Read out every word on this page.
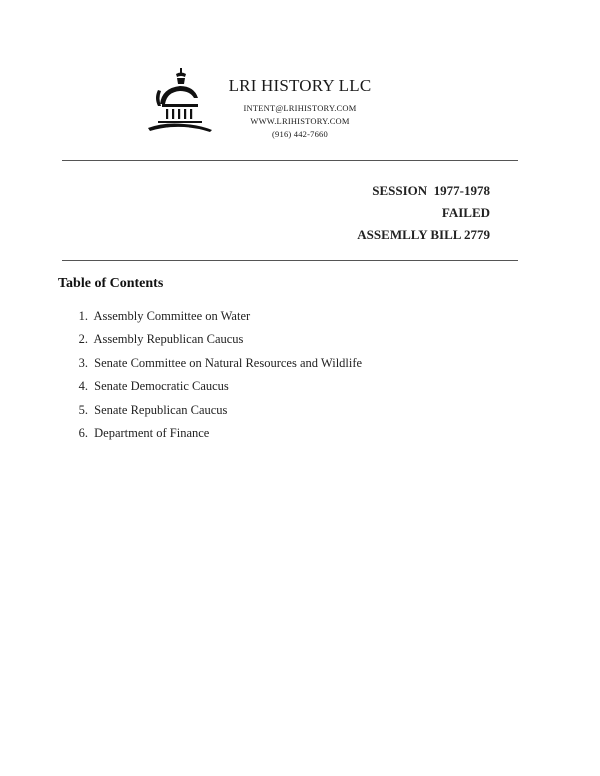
LRI HISTORY LLC
INTENT@LRIHISTORY.COM
WWW.LRIHISTORY.COM
(916) 442-7660
SESSION  1977-1978
FAILED
ASSEMLLY BILL 2779
Table of Contents
1. Assembly Committee on Water
2. Assembly Republican Caucus
3. Senate Committee on Natural Resources and Wildlife
4. Senate Democratic Caucus
5. Senate Republican Caucus
6. Department of Finance
